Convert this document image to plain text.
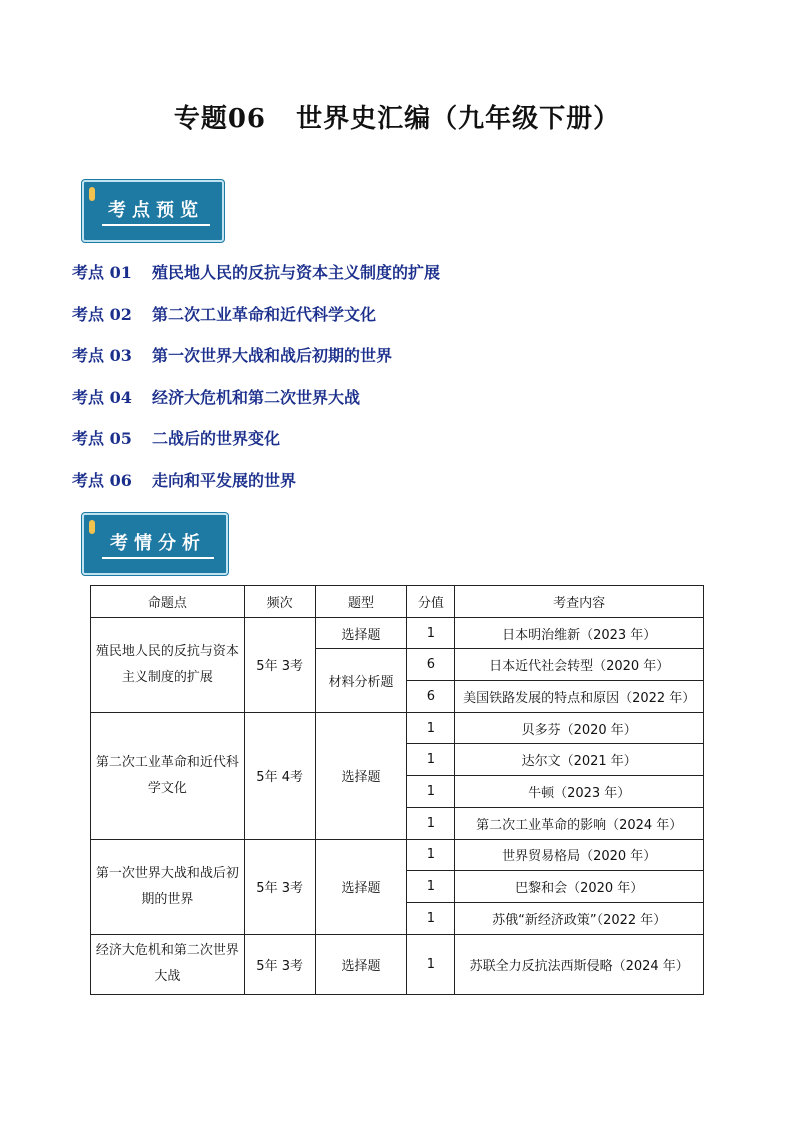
专题06 世界史汇编（九年级下册）
考点预览
考点 01 殖民地人民的反抗与资本主义制度的扩展
考点 02 第二次工业革命和近代科学文化
考点 03 第一次世界大战和战后初期的世界
考点 04 经济大危机和第二次世界大战
考点 05 二战后的世界变化
考点 06 走向和平发展的世界
考情分析
命题点	频次	题型	分值	考查内容
殖民地人民的反抗与资本主义制度的扩展	5年 3考	选择题	1	日本明治维新（2023 年）
		材料分析题	6	日本近代社会转型（2020 年）
			6	美国铁路发展的特点和原因（2022 年）
第二次工业革命和近代科学文化	5年 4考	选择题	1	贝多芬（2020 年）
			1	达尔文（2021 年）
			1	牛顿（2023 年）
			1	第二次工业革命的影响（2024 年）
第一次世界大战和战后初期的世界	5年 3考	选择题	1	世界贸易格局（2020 年）
			1	巴黎和会（2020 年）
			1	苏俄“新经济政策”（2022 年）
经济大危机和第二次世界大战	5年 3考	选择题	1	苏联全力反抗法西斯侵略（2024 年）
